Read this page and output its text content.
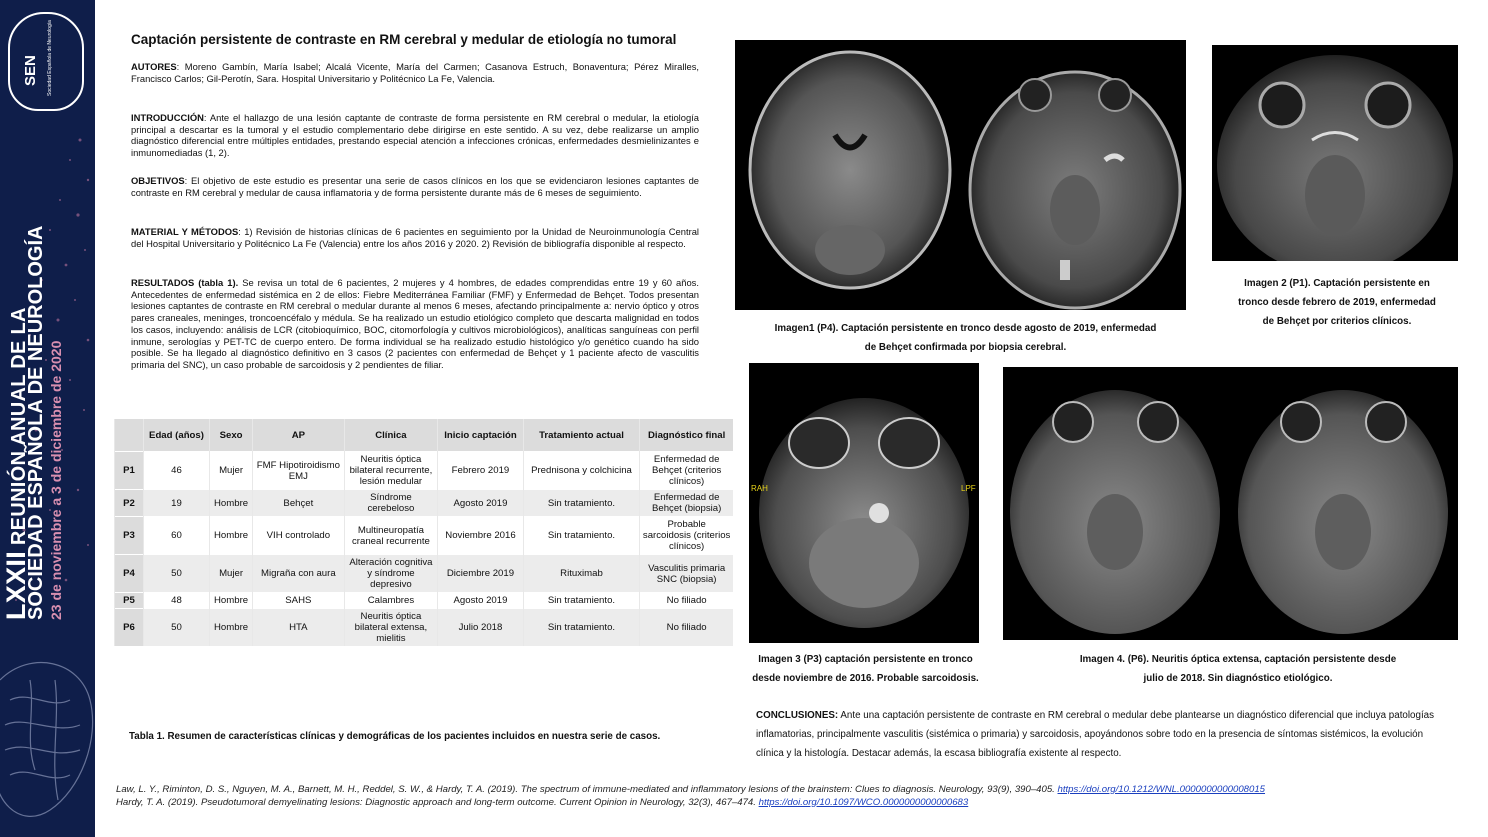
SEN Sociedad Española de Neurología
LXXII REUNIÓN ANUAL DE LA
SOCIEDAD ESPAÑOLA DE NEUROLOGÍA 23 de noviembre a 3 de diciembre de 2020
Captación persistente de contraste en RM cerebral y medular de etiología no tumoral
AUTORES: Moreno Gambín, María Isabel; Alcalá Vicente, María del Carmen; Casanova Estruch, Bonaventura; Pérez Miralles, Francisco Carlos; Gil-Perotín, Sara. Hospital Universitario y Politécnico La Fe, Valencia.
INTRODUCCIÓN: Ante el hallazgo de una lesión captante de contraste de forma persistente en RM cerebral o medular, la etiología principal a descartar es la tumoral y el estudio complementario debe dirigirse en este sentido. A su vez, debe realizarse un amplio diagnóstico diferencial entre múltiples entidades, prestando especial atención a infecciones crónicas, enfermedades desmielinizantes e inmunomediadas (1, 2).
OBJETIVOS: El objetivo de este estudio es presentar una serie de casos clínicos en los que se evidenciaron lesiones captantes de contraste en RM cerebral y medular de causa inflamatoria y de forma persistente durante más de 6 meses de seguimiento.
MATERIAL Y MÉTODOS: 1) Revisión de historias clínicas de 6 pacientes en seguimiento por la Unidad de Neuroinmunología Central del Hospital Universitario y Politécnico La Fe (Valencia) entre los años 2016 y 2020. 2) Revisión de bibliografía disponible al respecto.
RESULTADOS (tabla 1). Se revisa un total de 6 pacientes, 2 mujeres y 4 hombres, de edades comprendidas entre 19 y 60 años. Antecedentes de enfermedad sistémica en 2 de ellos: Fiebre Mediterránea Familiar (FMF) y Enfermedad de Behçet. Todos presentan lesiones captantes de contraste en RM cerebral o medular durante al menos 6 meses, afectando principalmente a: nervio óptico y otros pares craneales, meninges, troncoencéfalo y médula. Se ha realizado un estudio etiológico completo que descarta malignidad en todos los casos, incluyendo: análisis de LCR (citobioquímico, BOC, citomorfología y cultivos microbiológicos), analíticas sanguíneas con perfil inmune, serologías y PET-TC de cuerpo entero. De forma individual se ha realizado estudio histológico y/o genético cuando ha sido posible. Se ha llegado al diagnóstico definitivo en 3 casos (2 pacientes con enfermedad de Behçet y 1 paciente afecto de vasculitis primaria del SNC), un caso probable de sarcoidosis y 2 pendientes de filiar.
	Edad (años)	Sexo	AP	Clínica	Inicio captación	Tratamiento actual	Diagnóstico final
P1	46	Mujer	FMF Hipotiroidismo EMJ	Neuritis óptica bilateral recurrente, lesión medular	Febrero 2019	Prednisona y colchicina	Enfermedad de Behçet (criterios clínicos)
P2	19	Hombre	Behçet	Síndrome cerebeloso	Agosto 2019	Sin tratamiento.	Enfermedad de Behçet (biopsia)
P3	60	Hombre	VIH controlado	Multineuropatía craneal recurrente	Noviembre 2016	Sin tratamiento.	Probable sarcoidosis (criterios clínicos)
P4	50	Mujer	Migraña con aura	Alteración cognitiva y síndrome depresivo	Diciembre 2019	Rituximab	Vasculitis primaria SNC (biopsia)
P5	48	Hombre	SAHS	Calambres	Agosto 2019	Sin tratamiento.	No filiado
P6	50	Hombre	HTA	Neuritis óptica bilateral extensa, mielitis	Julio 2018	Sin tratamiento.	No filiado
Tabla 1. Resumen de características clínicas y demográficas de los pacientes incluidos en nuestra serie de casos.
Imagen1 (P4). Captación persistente en tronco desde agosto de 2019, enfermedad
de Behçet confirmada por biopsia cerebral.
Imagen 2 (P1). Captación persistente en
tronco desde febrero de 2019, enfermedad
de Behçet por criterios clínicos.
RAH	LPF
Imagen 3 (P3) captación persistente en tronco
desde noviembre de 2016. Probable sarcoidosis.
Imagen 4. (P6). Neuritis óptica extensa, captación persistente desde
julio de 2018. Sin diagnóstico etiológico.
CONCLUSIONES: Ante una captación persistente de contraste en RM cerebral o medular debe plantearse un diagnóstico diferencial que incluya patologías inflamatorias, principalmente vasculitis (sistémica o primaria) y sarcoidosis, apoyándonos sobre todo en la presencia de síntomas sistémicos, la evolución clínica y la histología. Destacar además, la escasa bibliografía existente al respecto.
Law, L. Y., Riminton, D. S., Nguyen, M. A., Barnett, M. H., Reddel, S. W., & Hardy, T. A. (2019). The spectrum of immune-mediated and inflammatory lesions of the brainstem: Clues to diagnosis. Neurology, 93(9), 390–405. https://doi.org/10.1212/WNL.0000000000008015
Hardy, T. A. (2019). Pseudotumoral demyelinating lesions: Diagnostic approach and long-term outcome. Current Opinion in Neurology, 32(3), 467–474. https://doi.org/10.1097/WCO.0000000000000683
